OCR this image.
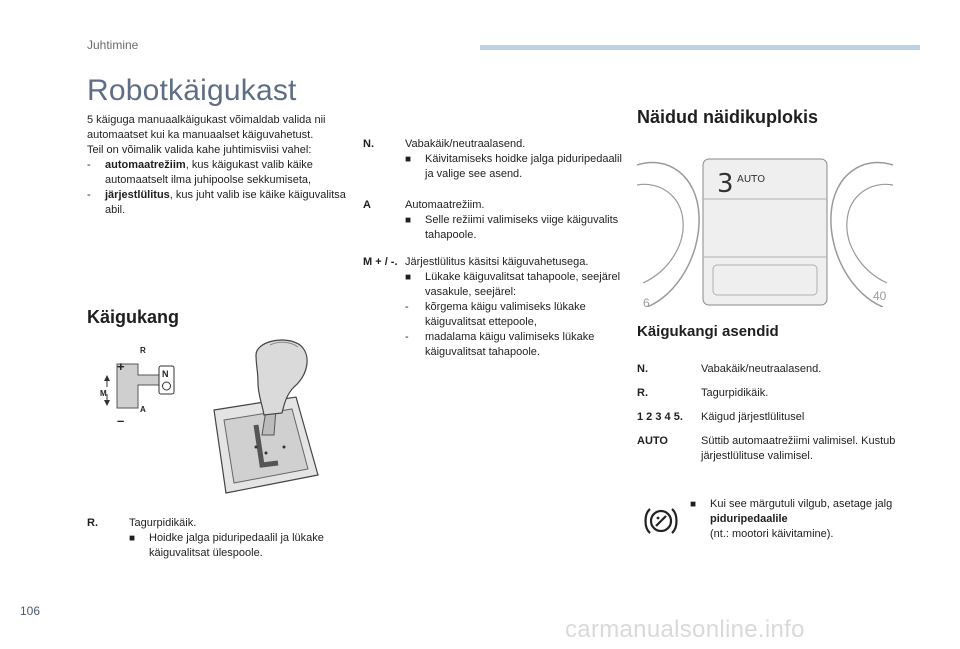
Juhtimine
Robotkäigukast

5 käiguga manuaalkäigukast võimaldab valida nii automaatset kui ka manuaalset käiguvahetust.

Teil on võimalik valida kahe juhtimisviisi vahel:

-	automaatrežiim, kus käigukast valib käike automaatselt ilma juhipoolse sekkumiseta,
-	järjestlülitus, kus juht valib ise käike käiguvalitsa abil.
Käigukang
+
–
R
M
A
N
R.	Tagurpidikäik.
■	Hoidke jalga piduripedaalil ja lükake käiguvalitsat ülespoole.
N.	Vabakäik/neutraalasend.
■	Käivitamiseks hoidke jalga piduripedaalil ja valige see asend.
A	Automaatrežiim.
■	Selle režiimi valimiseks viige käiguvalits tahapoole.
M + / -. Järjestlülitus käsitsi käiguvahetusega.
■	Lükake käiguvalitsat tahapoole, seejärel vasakule, seejärel:
-	kõrgema käigu valimiseks lükake käiguvalitsat ettepoole,
-	madalama käigu valimiseks lükake käiguvalitsat tahapoole.
Näidud näidikuplokis
3 AUTO
6	40
Käigukangi asendid
N.	Vabakäik/neutraalasend.
R.	Tagurpidikäik.
1 2 3 4 5.	Käigud järjestlülitusel
AUTO	Süttib automaatrežiimi valimisel. Kustub järjestlülituse valimisel.
■	Kui see märgutuli vilgub, asetage jalg piduripedaalile
(nt.: mootori käivitamine).
106
carmanualsonline.info
